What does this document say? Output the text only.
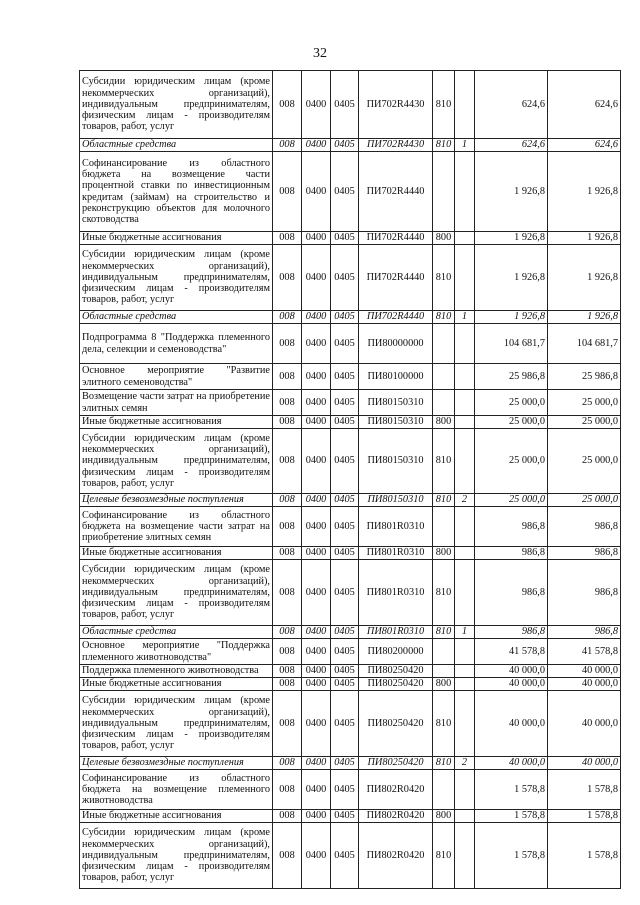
32
Субсидии юридическим лицам (кроме некоммерческих организаций), индивидуальным предпринимателям, физическим лицам - производителям товаров, работ, услуг	008	0400	0405	ПИ702R4430	810		624,6	624,6
Областные средства	008	0400	0405	ПИ702R4430	810	1	624,6	624,6
Софинансирование из областного бюджета на возмещение части процентной ставки по инвестиционным кредитам (займам) на строительство и реконструкцию объектов для молочного скотоводства	008	0400	0405	ПИ702R4440			1 926,8	1 926,8
Иные бюджетные ассигнования	008	0400	0405	ПИ702R4440	800		1 926,8	1 926,8
Субсидии юридическим лицам (кроме некоммерческих организаций), индивидуальным предпринимателям, физическим лицам - производителям товаров, работ, услуг	008	0400	0405	ПИ702R4440	810		1 926,8	1 926,8
Областные средства	008	0400	0405	ПИ702R4440	810	1	1 926,8	1 926,8
Подпрограмма 8 "Поддержка племенного дела, селекции и семеноводства"	008	0400	0405	ПИ80000000			104 681,7	104 681,7
Основное мероприятие "Развитие элитного семеноводства"	008	0400	0405	ПИ80100000			25 986,8	25 986,8
Возмещение части затрат на приобретение элитных семян	008	0400	0405	ПИ80150310			25 000,0	25 000,0
Иные бюджетные ассигнования	008	0400	0405	ПИ80150310	800		25 000,0	25 000,0
Субсидии юридическим лицам (кроме некоммерческих организаций), индивидуальным предпринимателям, физическим лицам - производителям товаров, работ, услуг	008	0400	0405	ПИ80150310	810		25 000,0	25 000,0
Целевые безвозмездные поступления	008	0400	0405	ПИ80150310	810	2	25 000,0	25 000,0
Софинансирование из областного бюджета на возмещение части затрат на приобретение элитных семян	008	0400	0405	ПИ801R0310			986,8	986,8
Иные бюджетные ассигнования	008	0400	0405	ПИ801R0310	800		986,8	986,8
Субсидии юридическим лицам (кроме некоммерческих организаций), индивидуальным предпринимателям, физическим лицам - производителям товаров, работ, услуг	008	0400	0405	ПИ801R0310	810		986,8	986,8
Областные средства	008	0400	0405	ПИ801R0310	810	1	986,8	986,8
Основное мероприятие "Поддержка племенного животноводства"	008	0400	0405	ПИ80200000			41 578,8	41 578,8
Поддержка племенного животноводства	008	0400	0405	ПИ80250420			40 000,0	40 000,0
Иные бюджетные ассигнования	008	0400	0405	ПИ80250420	800		40 000,0	40 000,0
Субсидии юридическим лицам (кроме некоммерческих организаций), индивидуальным предпринимателям, физическим лицам - производителям товаров, работ, услуг	008	0400	0405	ПИ80250420	810		40 000,0	40 000,0
Целевые безвозмездные поступления	008	0400	0405	ПИ80250420	810	2	40 000,0	40 000,0
Софинансирование из областного бюджета на возмещение племенного животноводства	008	0400	0405	ПИ802R0420			1 578,8	1 578,8
Иные бюджетные ассигнования	008	0400	0405	ПИ802R0420	800		1 578,8	1 578,8
Субсидии юридическим лицам (кроме некоммерческих организаций), индивидуальным предпринимателям, физическим лицам - производителям товаров, работ, услуг	008	0400	0405	ПИ802R0420	810		1 578,8	1 578,8
